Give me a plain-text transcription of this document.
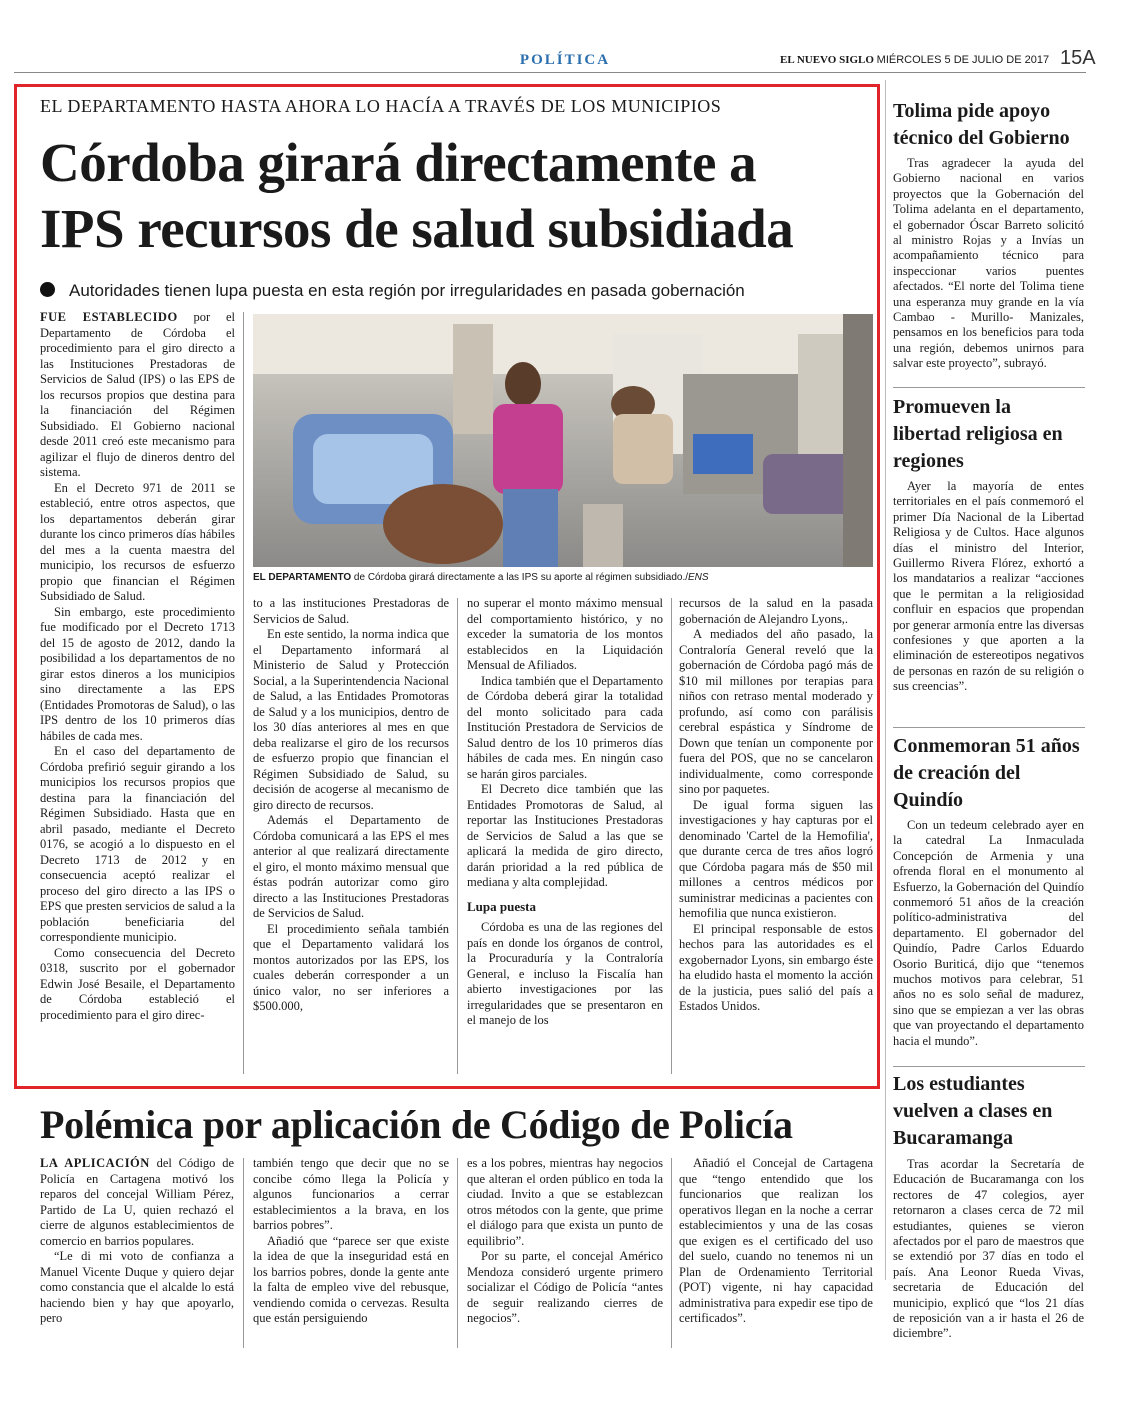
POLÍTICA	EL NUEVO SIGLO MIÉRCOLES 5 DE JULIO DE 2017 15A
EL DEPARTAMENTO HASTA AHORA LO HACÍA A TRAVÉS DE LOS MUNICIPIOS
Córdoba girará directamente a
IPS recursos de salud subsidiada
Autoridades tienen lupa puesta en esta región por irregularidades en pasada gobernación

FUE ESTABLECIDO por el Departamento de Córdoba el procedimiento para el giro directo a las Instituciones Prestadoras de Servicios de Salud (IPS) o las EPS de los recursos propios que destina para la financiación del Régimen Subsidiado. El Gobierno nacional desde 2011 creó este mecanismo para agilizar el flujo de dineros dentro del sistema.

En el Decreto 971 de 2011 se estableció, entre otros aspectos, que los departamentos deberán girar durante los cinco primeros días hábiles del mes a la cuenta maestra del municipio, los recursos de esfuerzo propio que financian el Régimen Subsidiado de Salud.

Sin embargo, este procedimiento fue modificado por el Decreto 1713 del 15 de agosto de 2012, dando la posibilidad a los departamentos de no girar estos dineros a los municipios sino directamente a las EPS (Entidades Promotoras de Salud), o las IPS dentro de los 10 primeros días hábiles de cada mes.

En el caso del departamento de Córdoba prefirió seguir girando a los municipios los recursos propios que destina para la financiación del Régimen Subsidiado. Hasta que en abril pasado, mediante el Decreto 0176, se acogió a lo dispuesto en el Decreto 1713 de 2012 y en consecuencia aceptó realizar el proceso del giro directo a las IPS o EPS que presten servicios de salud a la población beneficiaria del correspondiente municipio.

Como consecuencia del Decreto 0318, suscrito por el gobernador Edwin José Besaile, el Departamento de Córdoba estableció el procedimiento para el giro direc-

EL DEPARTAMENTO de Córdoba girará directamente a las IPS su aporte al régimen subsidiado./ENS

to a las instituciones Prestadoras de Servicios de Salud.

En este sentido, la norma indica que el Departamento informará al Ministerio de Salud y Protección Social, a la Superintendencia Nacional de Salud, a las Entidades Promotoras de Salud y a los municipios, dentro de los 30 días anteriores al mes en que deba realizarse el giro de los recursos de esfuerzo propio que financian el Régimen Subsidiado de Salud, su decisión de acogerse al mecanismo de giro directo de recursos.

Además el Departamento de Córdoba comunicará a las EPS el mes anterior al que realizará directamente el giro, el monto máximo mensual que éstas podrán autorizar como giro directo a las Instituciones Prestadoras de Servicios de Salud.

El procedimiento señala también que el Departamento validará los montos autorizados por las EPS, los cuales deberán corresponder a un único valor, no ser inferiores a $500.000,

no superar el monto máximo mensual del comportamiento histórico, y no exceder la sumatoria de los montos establecidos en la Liquidación Mensual de Afiliados.

Indica también que el Departamento de Córdoba deberá girar la totalidad del monto solicitado para cada Institución Prestadora de Servicios de Salud dentro de los 10 primeros días hábiles de cada mes. En ningún caso se harán giros parciales.

El Decreto dice también que las Entidades Promotoras de Salud, al reportar las Instituciones Prestadoras de Servicios de Salud a las que se aplicará la medida de giro directo, darán prioridad a la red pública de mediana y alta complejidad.

Lupa puesta

Córdoba es una de las regiones del país en donde los órganos de control, la Procuraduría y la Contraloría General, e incluso la Fiscalía han abierto investigaciones por las irregularidades que se presentaron en el manejo de los

recursos de la salud en la pasada gobernación de Alejandro Lyons,.

A mediados del año pasado, la Contraloría General reveló que la gobernación de Córdoba pagó más de $10 mil millones por terapias para niños con retraso mental moderado y profundo, así como con parálisis cerebral espástica y Síndrome de Down que tenían un componente por fuera del POS, que no se cancelaron individualmente, como corresponde sino por paquetes.

De igual forma siguen las investigaciones y hay capturas por el denominado 'Cartel de la Hemofilia', que durante cerca de tres años logró que Córdoba pagara más de $50 mil millones a centros médicos por suministrar medicinas a pacientes con hemofilia que nunca existieron.

El principal responsable de estos hechos para las autoridades es el exgobernador Lyons, sin embargo éste ha eludido hasta el momento la acción de la justicia, pues salió del país a Estados Unidos.

Tolima pide apoyo técnico del Gobierno

Tras agradecer la ayuda del Gobierno nacional en varios proyectos que la Gobernación del Tolima adelanta en el departamento, el gobernador Óscar Barreto solicitó al ministro Rojas y a Invías un acompañamiento técnico para inspeccionar varios puentes afectados. “El norte del Tolima tiene una esperanza muy grande en la vía Cambao - Murillo- Manizales, pensamos en los beneficios para toda una región, debemos unirnos para salvar este proyecto”, subrayó.

Promueven la libertad religiosa en regiones

Ayer la mayoría de entes territoriales en el país conmemoró el primer Día Nacional de la Libertad Religiosa y de Cultos. Hace algunos días el ministro del Interior, Guillermo Rivera Flórez, exhortó a los mandatarios a realizar “acciones que le permitan a la religiosidad confluir en espacios que propendan por generar armonía entre las diversas confesiones y que aporten a la eliminación de estereotipos negativos de personas en razón de su religión o sus creencias”.

Conmemoran 51 años de creación del Quindío

Con un tedeum celebrado ayer en la catedral La Inmaculada Concepción de Armenia y una ofrenda floral en el monumento al Esfuerzo, la Gobernación del Quindío conmemoró 51 años de la creación político-administrativa del departamento. El gobernador del Quindío, Padre Carlos Eduardo Osorio Buriticá, dijo que “tenemos muchos motivos para celebrar, 51 años no es solo señal de madurez, sino que se empiezan a ver las obras que van proyectando el departamento hacia el mundo”.

Los estudiantes vuelven a clases en Bucaramanga

Tras acordar la Secretaría de Educación de Bucaramanga con los rectores de 47 colegios, ayer retornaron a clases cerca de 72 mil estudiantes, quienes se vieron afectados por el paro de maestros que se extendió por 37 días en todo el país. Ana Leonor Rueda Vivas, secretaria de Educación del municipio, explicó que “los 21 días de reposición van a ir hasta el 26 de diciembre”.

Polémica por aplicación de Código de Policía

LA APLICACIÓN del Código de Policía en Cartagena motivó los reparos del concejal William Pérez, Partido de La U, quien rechazó el cierre de algunos establecimientos de comercio en barrios populares.

“Le di mi voto de confianza a Manuel Vicente Duque y quiero dejar como constancia que el alcalde lo está haciendo bien y hay que apoyarlo, pero

también tengo que decir que no se concibe cómo llega la Policía y algunos funcionarios a cerrar establecimientos a la brava, en los barrios pobres”.

Añadió que “parece ser que existe la idea de que la inseguridad está en los barrios pobres, donde la gente ante la falta de empleo vive del rebusque, vendiendo comida o cervezas. Resulta que están persiguiendo

es a los pobres, mientras hay negocios que alteran el orden público en toda la ciudad. Invito a que se establezcan otros métodos con la gente, que prime el diálogo para que exista un punto de equilibrio”.

Por su parte, el concejal Américo Mendoza consideró urgente primero socializar el Código de Policía “antes de seguir realizando cierres de negocios”.

Añadió el Concejal de Cartagena que “tengo entendido que los funcionarios que realizan los operativos llegan en la noche a cerrar establecimientos y una de las cosas que exigen es el certificado del uso del suelo, cuando no tenemos ni un Plan de Ordenamiento Territorial (POT) vigente, ni hay capacidad administrativa para expedir ese tipo de certificados”.
